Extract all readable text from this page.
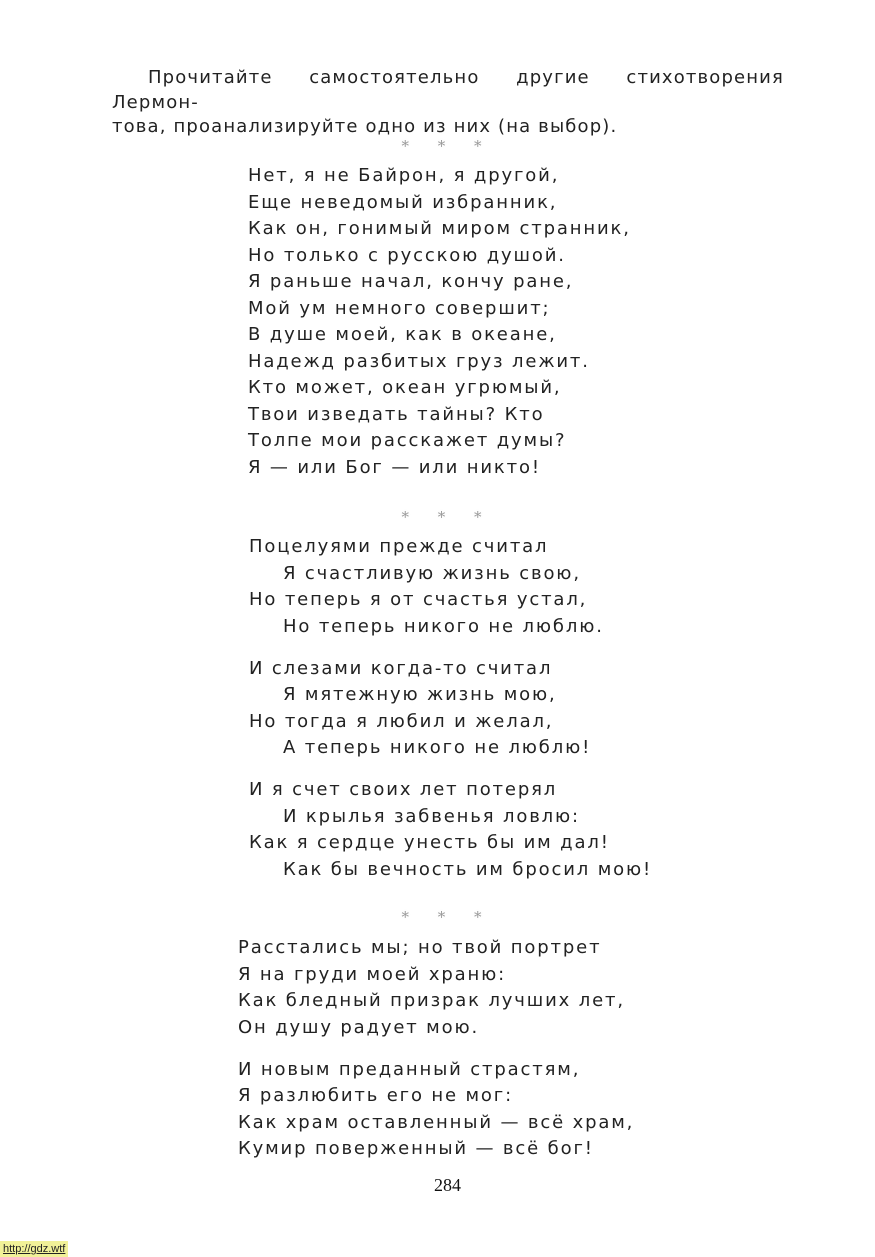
Прочитайте самостоятельно другие стихотворения Лермон-

това, проанализируйте одно из них (на выбор).

* * *
Нет, я не Байрон, я другой,
Еще неведомый избранник,
Как он, гонимый миром странник,
Но только с русскою душой.
Я раньше начал, кончу ране,
Мой ум немного совершит;
В душе моей, как в океане,
Надежд разбитых груз лежит.
Кто может, океан угрюмый,
Твои изведать тайны? Кто
Толпе мои расскажет думы?
Я — или Бог — или никто!
* * *
Поцелуями прежде считал
Я счастливую жизнь свою,
Но теперь я от счастья устал,
Но теперь никого не люблю.
И слезами когда-то считал
Я мятежную жизнь мою,
Но тогда я любил и желал,
А теперь никого не люблю!
И я счет своих лет потерял
И крылья забвенья ловлю:
Как я сердце унесть бы им дал!
Как бы вечность им бросил мою!
* * *
Расстались мы; но твой портрет
Я на груди моей храню:
Как бледный призрак лучших лет,
Он душу радует мою.
И новым преданный страстям,
Я разлюбить его не мог:
Как храм оставленный — всё храм,
Кумир поверженный — всё бог!
284
http://gdz.wtf
